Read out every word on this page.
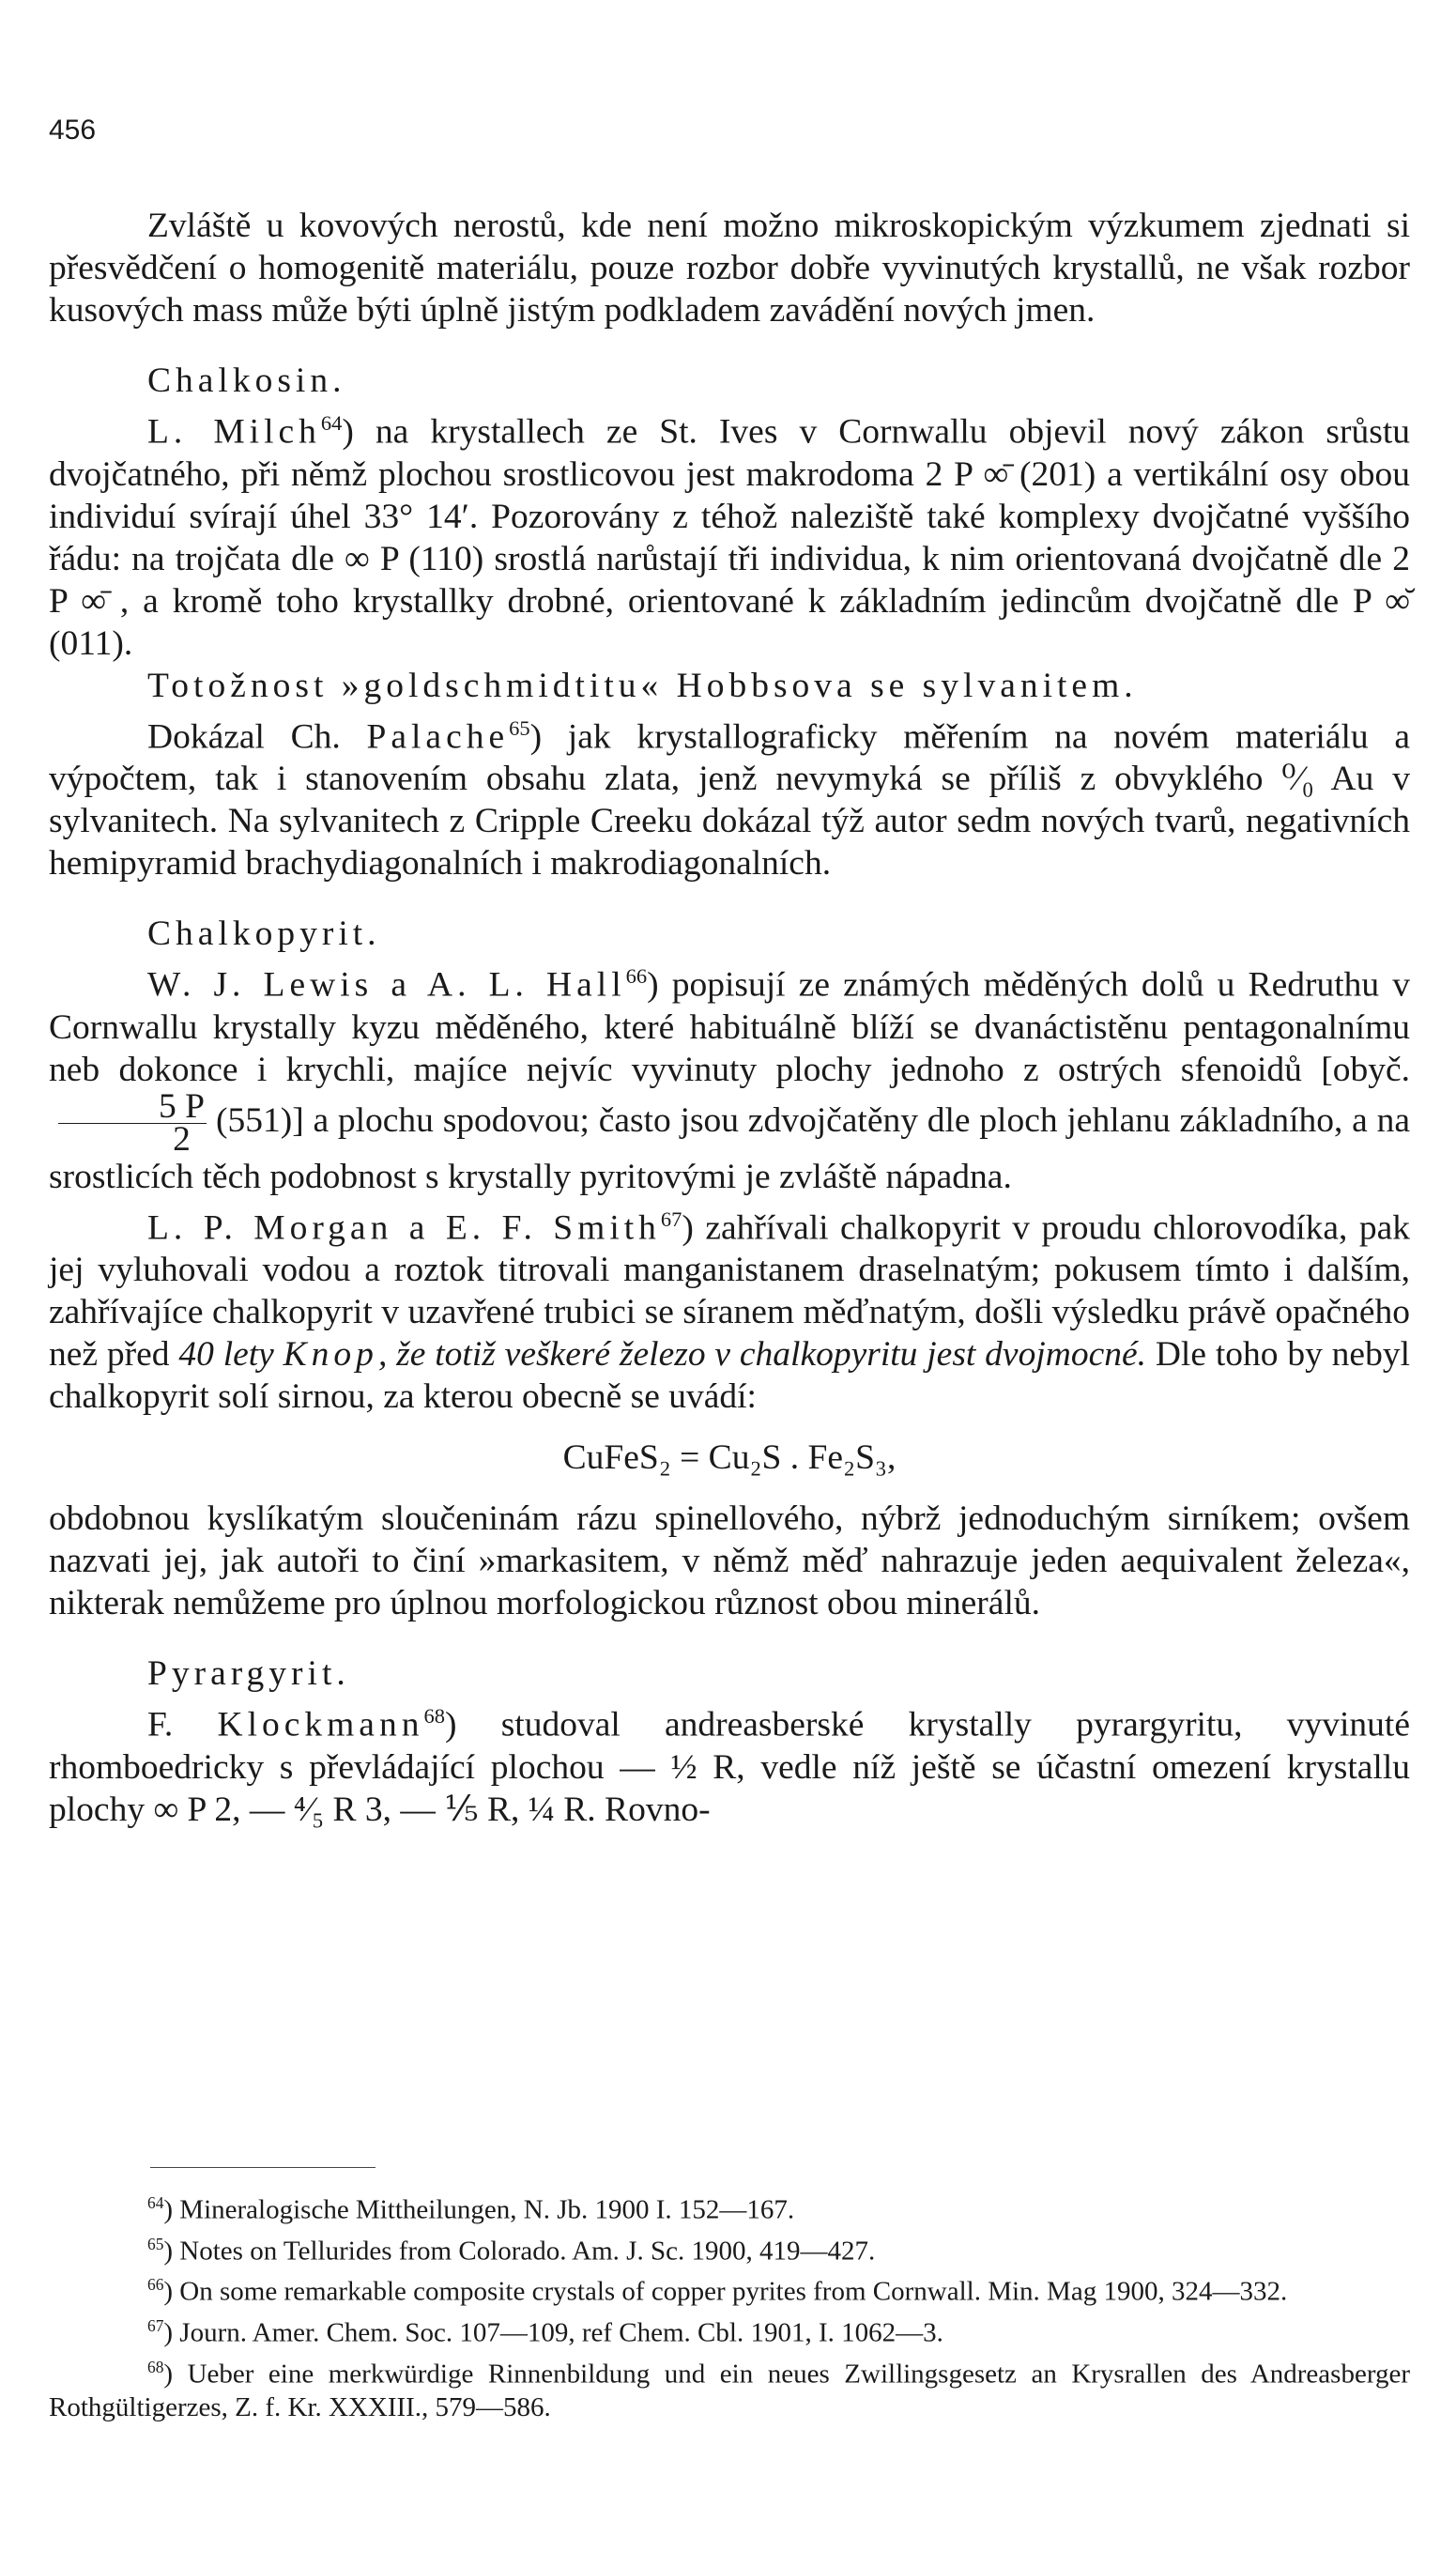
456

Zvláště u kovových nerostů, kde není možno mikroskopickým výzkumem zjednati si přesvědčení o homogenitě materiálu, pouze rozbor dobře vyvinutých krystallů, ne však rozbor kusových mass může býti úplně jistým podkladem zavádění nových jmen.

Chalkosin.

L. Milch$^{64}$) na krystallech ze St. Ives v Cornwallu objevil nový zákon srůstu dvojčatného, při němž plochou srostlicovou jest makrodoma 2 P ∞̄ (201) a vertikální osy obou individuí svírají úhel 33° 14′. Pozorovány z téhož naleziště také komplexy dvojčatné vyššího řádu: na trojčata dle ∞ P (110) srostlá narůstají tři individua, k nim orientovaná dvojčatně dle 2 P ∞̄ , a kromě toho krystallky drobné, orientované k základním jedincům dvojčatně dle P ∞̆ (011).

Totožnost »goldschmidtitu« Hobbsova se sylvanitem.

Dokázal Ch. Palache$^{65}$) jak krystallograficky měřením na novém materiálu a výpočtem, tak i stanovením obsahu zlata, jenž nevymyká se příliš z obvyklého ⁰⁄₀ Au v sylvanitech. Na sylvanitech z Cripple Creeku dokázal týž autor sedm nových tvarů, negativních hemipyramid brachydiagonalních i makrodiagonalních.

Chalkopyrit.

W. J. Lewis a A. L. Hall$^{66}$) popisují ze známých měděných dolů u Redruthu v Cornwallu krystally kyzu měděného, které habituálně blíží se dvanáctistěnu pentagonalnímu neb dokonce i krychli, majíce nejvíc vyvinuty plochy jednoho z ostrých sfenoidů [obyč.
$\frac{5 P}{2} (551)$] a plochu spodovou; často jsou zdvojčatěny dle ploch jehlanu základního, a na srostlicích těch podobnost s krystally pyritovými je zvláště nápadna.

L. P. Morgan a E. F. Smith$^{67}$) zahřívali chalkopyrit v proudu chlorovodíka, pak jej vyluhovali vodou a roztok titrovali manganistanem draselnatým; pokusem tímto i dalším, zahřívajíce chalkopyrit v uzavřené trubici se síranem měďnatým, došli výsledku právě opačného než před 40 lety Knop, že totiž veškeré železo v chalkopyritu jest dvojmocné. Dle toho by nebyl chalkopyrit solí sirnou, za kterou obecně se uvádí:

CuFeS₂ = Cu₂S . Fe₂S₃,

obdobnou kyslíkatým sloučeninám rázu spinellového, nýbrž jednoduchým sirníkem; ovšem nazvati jej, jak autoři to činí »markasitem, v němž měď nahrazuje jeden aequivalent železa«, nikterak nemůžeme pro úplnou morfologickou různost obou minerálů.

Pyrargyrit.

F. Klockmann$^{68}$) studoval andreasberské krystally pyrargyritu, vyvinuté rhomboedricky s převládající plochou — ½ R, vedle níž ještě se účastní omezení krystallu plochy ∞ P 2, — ⁴⁄₅ R 3, — ⅕ R, ¼ R. Rovno-

$^{64}$) Mineralogische Mittheilungen, N. Jb. 1900 I. 152—167.

$^{65}$) Notes on Tellurides from Colorado. Am. J. Sc. 1900, 419—427.

$^{66}$) On some remarkable composite crystals of copper pyrites from Cornwall. Min. Mag 1900, 324—332.

$^{67}$) Journ. Amer. Chem. Soc. 107—109, ref Chem. Cbl. 1901, I. 1062—3.

$^{68}$) Ueber eine merkwürdige Rinnenbildung und ein neues Zwillingsgesetz an Krysrallen des Andreasberger Rothgültigerzes, Z. f. Kr. XXXIII., 579—586.
